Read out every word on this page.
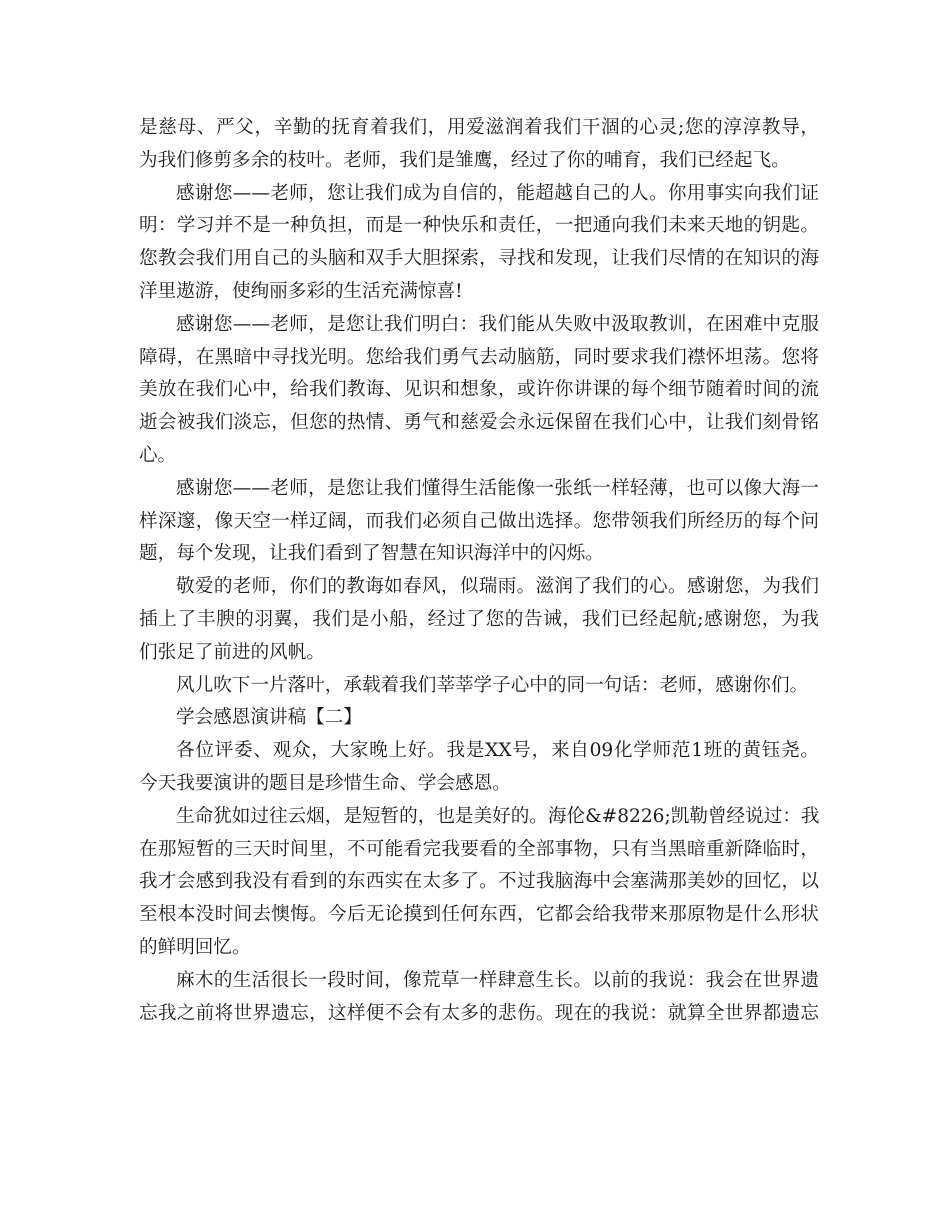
是慈母、严父，辛勤的抚育着我们，用爱滋润着我们干涸的心灵;您的淳淳教导，
为我们修剪多余的枝叶。老师，我们是雏鹰，经过了你的哺育，我们已经起飞。
感谢您——老师，您让我们成为自信的，能超越自己的人。你用事实向我们证
明：学习并不是一种负担，而是一种快乐和责任，一把通向我们未来天地的钥匙。
您教会我们用自己的头脑和双手大胆探索，寻找和发现，让我们尽情的在知识的海
洋里遨游，使绚丽多彩的生活充满惊喜!
感谢您——老师，是您让我们明白：我们能从失败中汲取教训，在困难中克服
障碍，在黑暗中寻找光明。您给我们勇气去动脑筋，同时要求我们襟怀坦荡。您将
美放在我们心中，给我们教诲、见识和想象，或许你讲课的每个细节随着时间的流
逝会被我们淡忘，但您的热情、勇气和慈爱会永远保留在我们心中，让我们刻骨铭
心。
感谢您——老师，是您让我们懂得生活能像一张纸一样轻薄，也可以像大海一
样深邃，像天空一样辽阔，而我们必须自己做出选择。您带领我们所经历的每个问
题，每个发现，让我们看到了智慧在知识海洋中的闪烁。
敬爱的老师，你们的教诲如春风，似瑞雨。滋润了我们的心。感谢您，为我们
插上了丰腴的羽翼，我们是小船，经过了您的告诫，我们已经起航;感谢您，为我
们张足了前进的风帆。
风儿吹下一片落叶，承载着我们莘莘学子心中的同一句话：老师，感谢你们。
学会感恩演讲稿【二】
各位评委、观众，大家晚上好。我是XX号，来自09化学师范1班的黄钰尧。
今天我要演讲的题目是珍惜生命、学会感恩。
生命犹如过往云烟，是短暂的，也是美好的。海伦&#8226;凯勒曾经说过：我
在那短暂的三天时间里，不可能看完我要看的全部事物，只有当黑暗重新降临时，
我才会感到我没有看到的东西实在太多了。不过我脑海中会塞满那美妙的回忆，以
至根本没时间去懊悔。今后无论摸到任何东西，它都会给我带来那原物是什么形状
的鲜明回忆。
麻木的生活很长一段时间，像荒草一样肆意生长。以前的我说：我会在世界遗
忘我之前将世界遗忘，这样便不会有太多的悲伤。现在的我说：就算全世界都遗忘
